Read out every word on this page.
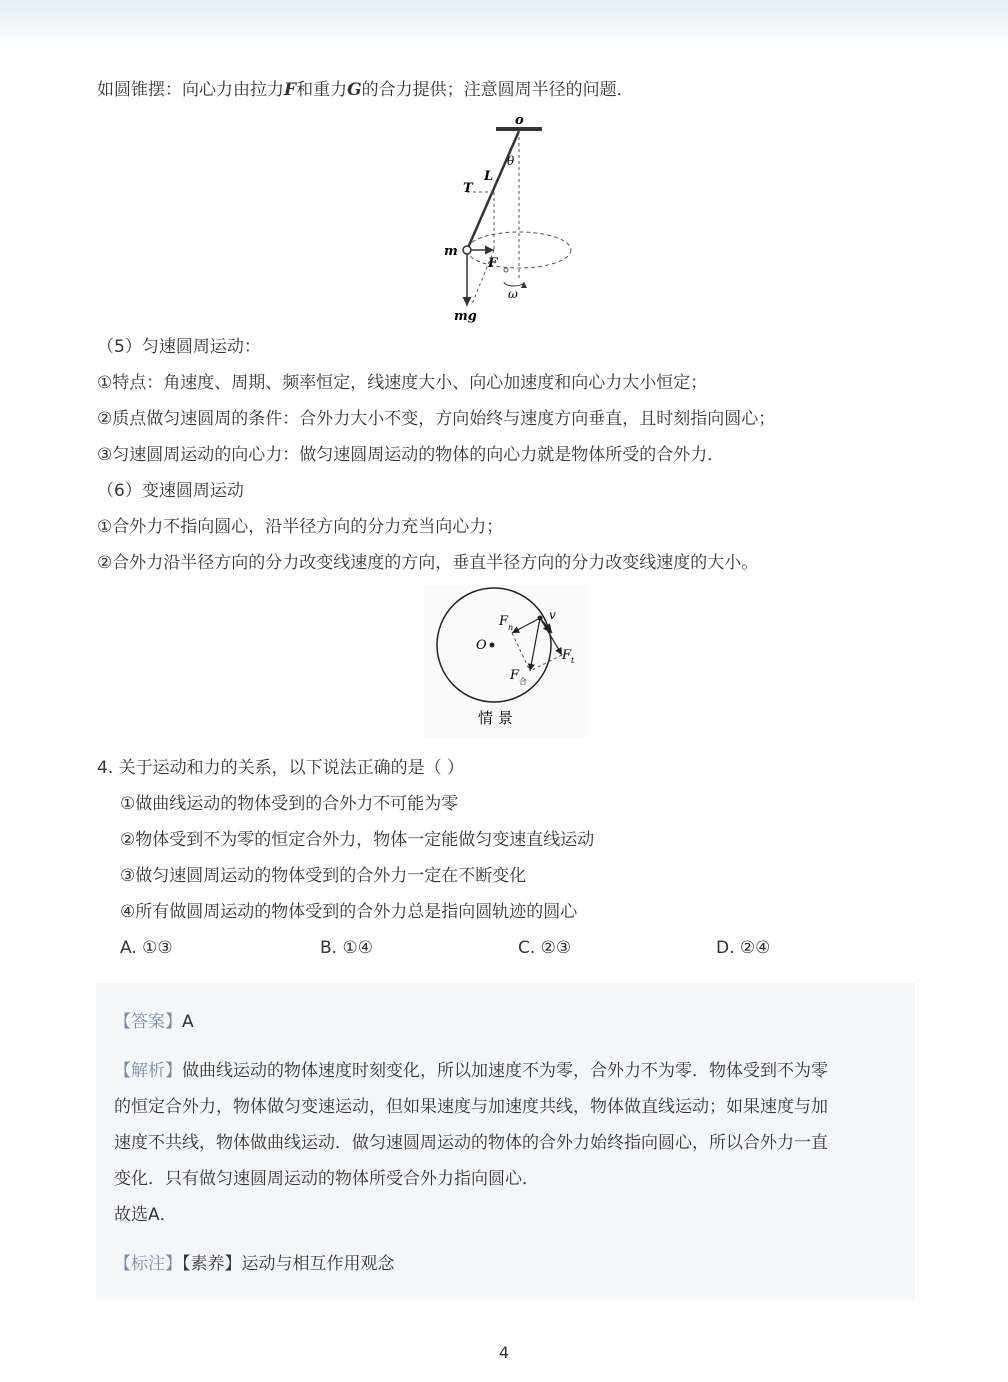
如圆锥摆：向心力由拉力F和重力G的合力提供；注意圆周半径的问题．
o
θ
L
T
m
F
ω
mg
（5）匀速圆周运动：
①特点：角速度、周期、频率恒定，线速度大小、向心加速度和向心力大小恒定；
②质点做匀速圆周的条件：合外力大小不变，方向始终与速度方向垂直，且时刻指向圆心；
③匀速圆周运动的向心力：做匀速圆周运动的物体的向心力就是物体所受的合外力．
（6）变速圆周运动
①合外力不指向圆心，沿半径方向的分力充当向心力；
②合外力沿半径方向的分力改变线速度的方向，垂直半径方向的分力改变线速度的大小。
O
F n
v
F t
F 合
情 景
4. 关于运动和力的关系，以下说法正确的是（ ）
①做曲线运动的物体受到的合外力不可能为零
②物体受到不为零的恒定合外力，物体一定能做匀变速直线运动
③做匀速圆周运动的物体受到的合外力一定在不断变化
④所有做圆周运动的物体受到的合外力总是指向圆轨迹的圆心
A. ①③	B. ①④	C. ②③	D. ②④
【答案】A
【解析】做曲线运动的物体速度时刻变化，所以加速度不为零，合外力不为零．物体受到不为零
的恒定合外力，物体做匀变速运动，但如果速度与加速度共线，物体做直线运动；如果速度与加
速度不共线，物体做曲线运动．做匀速圆周运动的物体的合外力始终指向圆心，所以合外力一直
变化．只有做匀速圆周运动的物体所受合外力指向圆心．
故选A．
【标注】【素养】运动与相互作用观念
4
